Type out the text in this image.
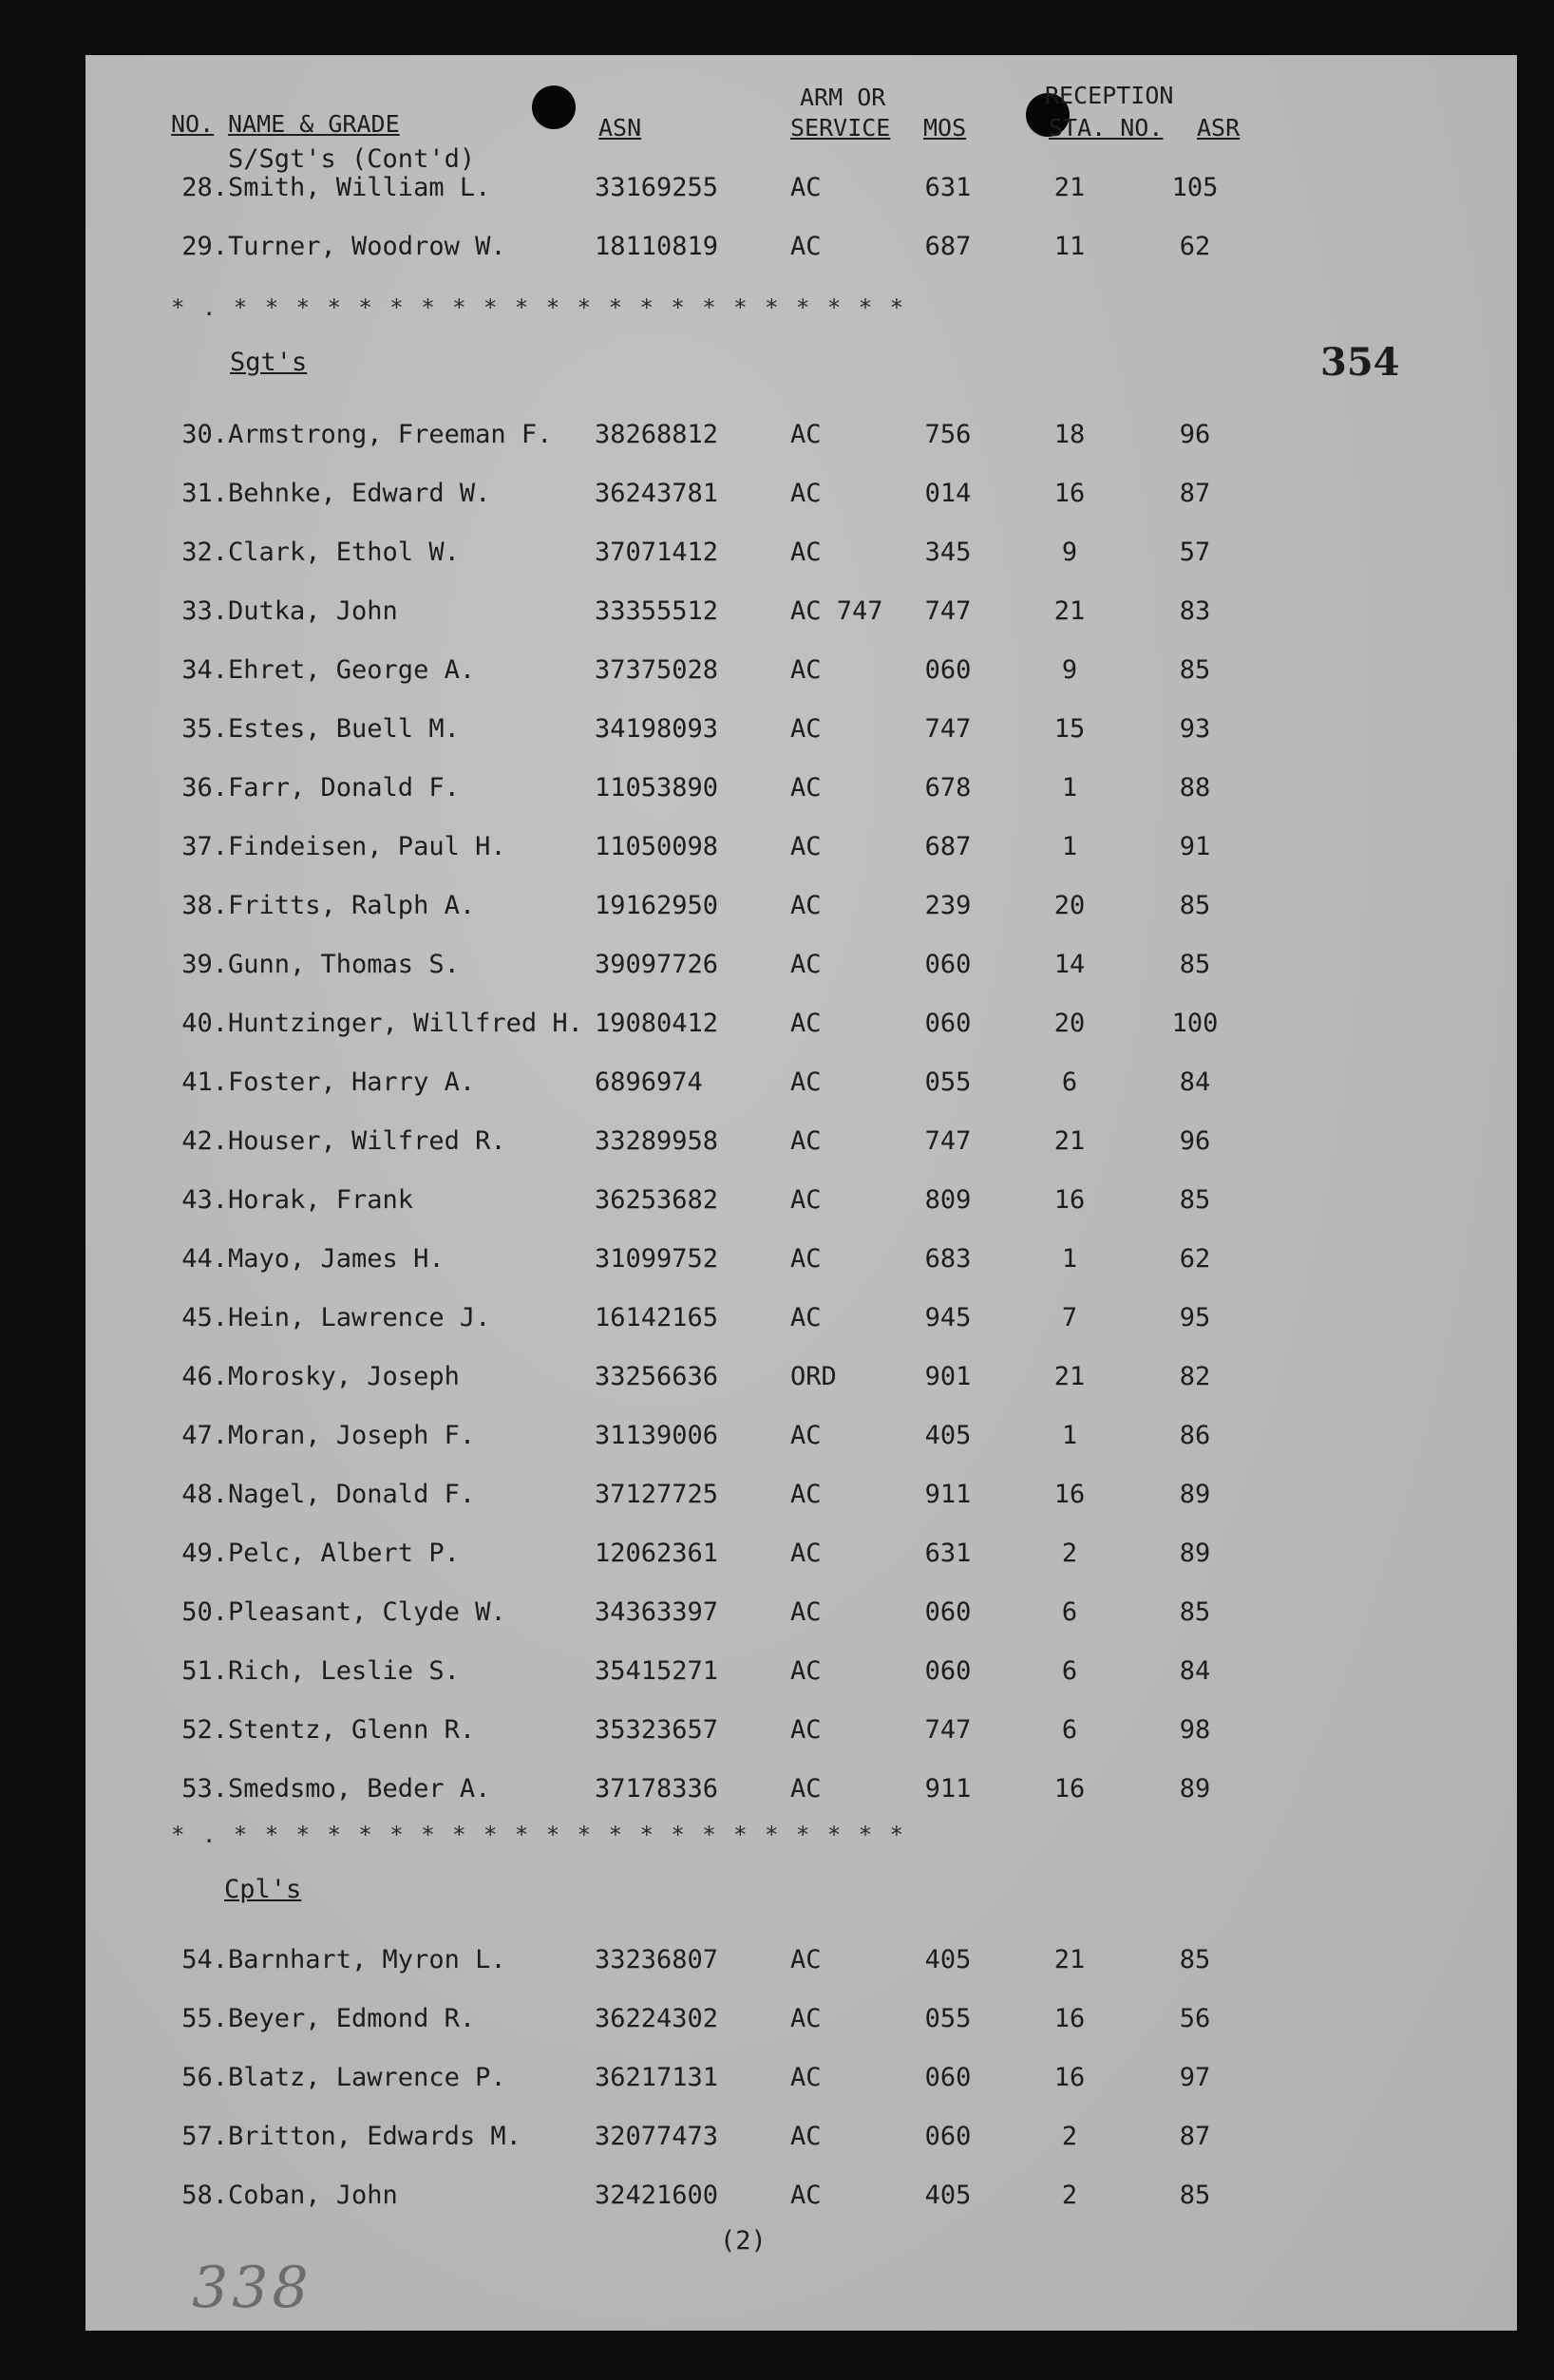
NO. NAME & GRADE	ASN
ARM OR
SERVICE MOS
RECEPTION
STA. NO. ASR
354
S/Sgt's (Cont'd)
28. Smith, William L.	33169255	AC	631	21	105
29. Turner, Woodrow W.	18110819	AC	687	11	62
* . * * * * * * * * * * * * * * * * * * * * * *
Sgt's
30. Armstrong, Freeman F. 38268812	AC	756	18	96
31. Behnke, Edward W.	36243781	AC	014	16	87
32. Clark, Ethol W.	37071412	AC	345	9	57
33. Dutka, John	33355512	AC 747	747	21	83
34. Ehret, George A.	37375028	AC	060	9	85
35. Estes, Buell M.	34198093	AC	747	15	93
36. Farr, Donald F.	11053890	AC	678	1	88
37. Findeisen, Paul H.	11050098	AC	687	1	91
38. Fritts, Ralph A.	19162950	AC	239	20	85
39. Gunn, Thomas S.	39097726	AC	060	14	85
40. Huntzinger, Willfred H. 19080412	AC	060	20	100
41. Foster, Harry A.	6896974	AC	055	6	84
42. Houser, Wilfred R.	33289958	AC	747	21	96
43. Horak, Frank	36253682	AC	809	16	85
44. Mayo, James H.	31099752	AC	683	1	62
45. Hein, Lawrence J.	16142165	AC	945	7	95
46. Morosky, Joseph	33256636	ORD	901	21	82
47. Moran, Joseph F.	31139006	AC	405	1	86
48. Nagel, Donald F.	37127725	AC	911	16	89
49. Pelc, Albert P.	12062361	AC	631	2	89
50. Pleasant, Clyde W.	34363397	AC	060	6	85
51. Rich, Leslie S.	35415271	AC	060	6	84
52. Stentz, Glenn R.	35323657	AC	747	6	98
53. Smedsmo, Beder A.	37178336	AC	911	16	89
* . * * * * * * * * * * * * * * * * * * * * * *
Cpl's
54. Barnhart, Myron L.	33236807	AC	405	21	85
55. Beyer, Edmond R.	36224302	AC	055	16	56
56. Blatz, Lawrence P.	36217131	AC	060	16	97
57. Britton, Edwards M.	32077473	AC	060	2	87
58. Coban, John	32421600	AC	405	2	85
(2)
338
